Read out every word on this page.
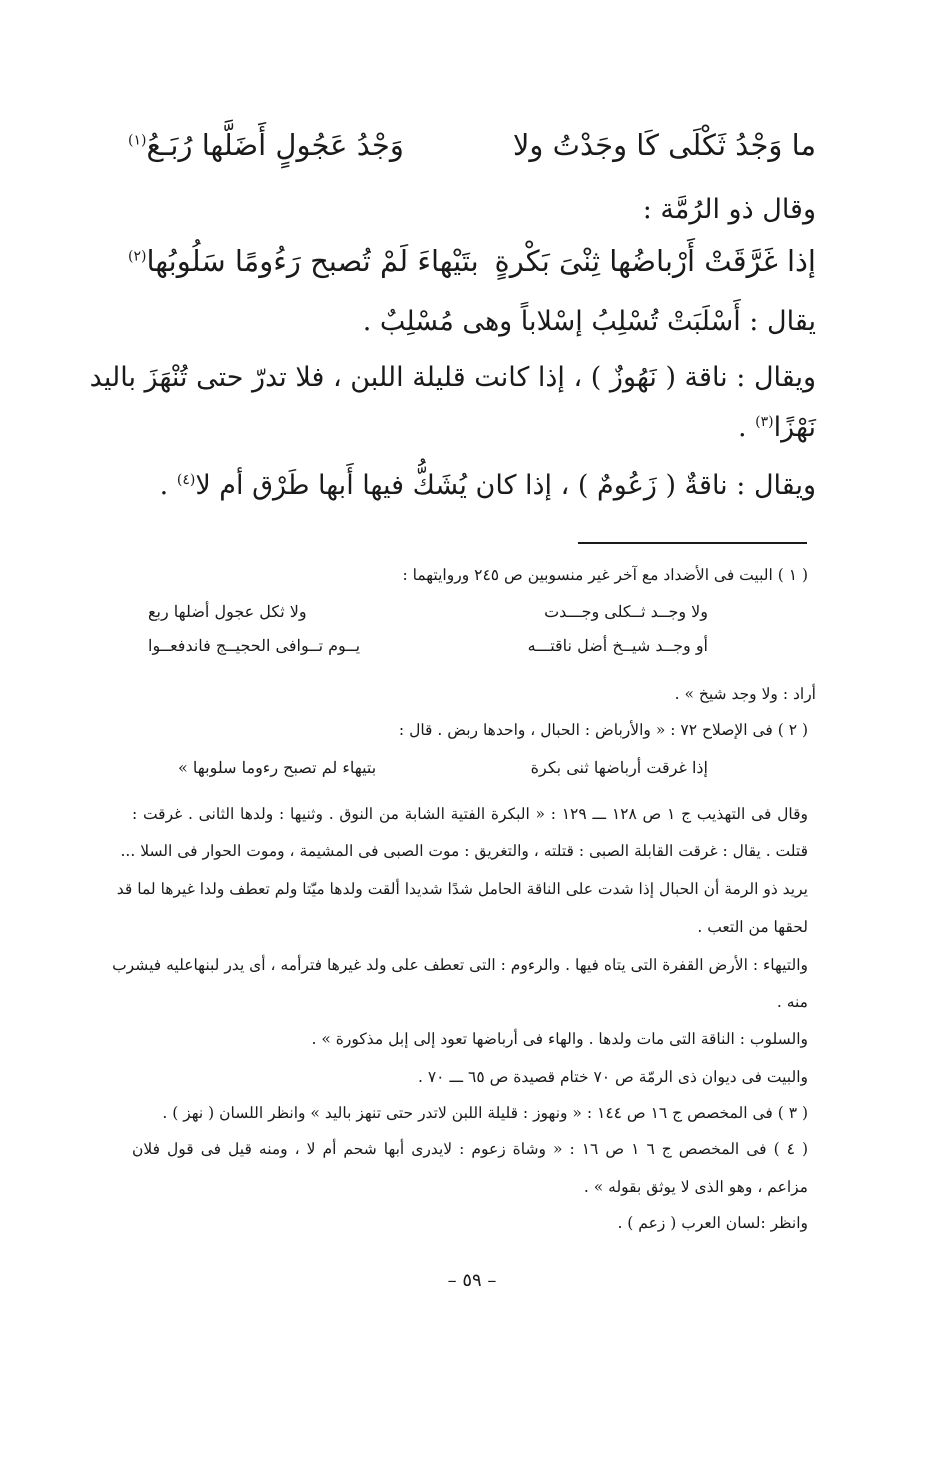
ما وَجْدُ ثَكْلَى كَا وجَدْتُ ولا
وَجْدُ عَجُولٍ أَضَلَّها رُبَـعُ$^{(١)}$
وقال ذو الرُمَّة :
إذا غَرَّقَتْ أَرْباضُها ثِنْىَ بَكْرةٍ
بتَيْهاءَ لَمْ تُصبح رَءُومًا سَلُوبُها$^{(٢)}$
يقال : أَسْلَبَتْ تُسْلِبُ إسْلاباً وهى مُسْلِبٌ .
ويقال : ناقة ( نَهُوزٌ ) ، إذا كانت قليلة اللبن ، فلا تدرّ حتى تُنْهَزَ باليد
نَهْزًا$^{(٣)}$ .
ويقال : ناقةٌ ( زَعُومٌ ) ، إذا كان يُشَكُّ فيها أَبها طَرْق أم لا$^{(٤)}$ .
( ١ ) البيت فى الأضداد مع آخر غير منسوبين ص ٢٤٥ وروايتهما :
ولا وجــد ثــكلى وجـــدت
ولا ثكل عجول أضلها ربع
أو وجــد شيــخ أضل ناقتـــه
يــوم تــوافى الحجيــج فاندفعــوا
أراد : ولا وجد شيخ » .
( ٢ ) فى الإصلاح ٧٢ : « والأرباض : الحبال ، واحدها ربض . قال :
إذا غرقت أرباضها ثنى بكرة
بتيهاء لم تصبح رءوما سلوبها »
وقال فى التهذيب ج ١ ص ١٢٨ ـــ ١٢٩ : « البكرة الفتية الشابة من النوق . وثنيها : ولدها الثانى . غرقت :
قتلت . يقال : غرقت القابلة الصبى : قتلته ، والتغريق : موت الصبى فى المشيمة ، وموت الحوار فى السلا ...
يريد ذو الرمة أن الحبال إذا شدت على الناقة الحامل شدًا شديدا ألقت ولدها ميّتا ولم تعطف ولدا غيرها لما قد
لحقها من التعب .
والتيهاء : الأرض القفرة التى يتاه فيها . والرءوم : التى تعطف على ولد غيرها فترأمه ، أى يدر لبنهاعليه فيشرب
منه .
والسلوب : الناقة التى مات ولدها . والهاء فى أرباضها تعود إلى إبل مذكورة » .
والبيت فى ديوان ذى الرمّة ص ٧٠ ختام قصيدة ص ٦٥ ـــ ٧٠ .
( ٣ ) فى المخصص ج ١٦ ص ١٤٤ : « ونهوز : قليلة اللبن لاتدر حتى تنهز باليد » وانظر اللسان ( نهز ) .
( ٤ ) فى المخصص ج ٦ ١ ص ١٦ : « وشاة زعوم : لايدرى أبها شحم أم لا ، ومنه قيل فى قول فلان
مزاعم ، وهو الذى لا يوثق بقوله » .
وانظر :لسان العرب ( زعم ) .
– ٥٩ –
